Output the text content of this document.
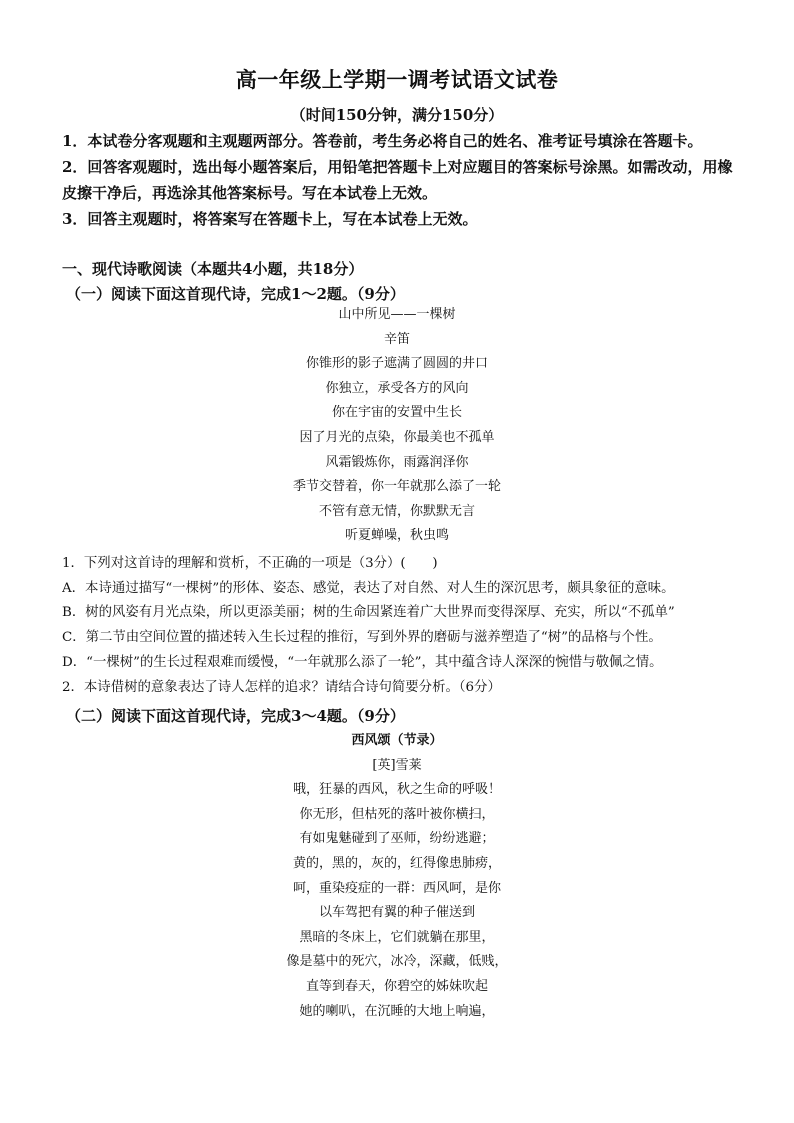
高一年级上学期一调考试语文试卷
（时间150分钟，满分150分）

1．本试卷分客观题和主观题两部分。答卷前，考生务必将自己的姓名、准考证号填涂在答题卡。

2．回答客观题时，选出每小题答案后，用铅笔把答题卡上对应题目的答案标号涂黑。如需改动，用橡皮擦干净后，再选涂其他答案标号。写在本试卷上无效。

3．回答主观题时，将答案写在答题卡上，写在本试卷上无效。

一、现代诗歌阅读（本题共4小题，共18分）
（一）阅读下面这首现代诗，完成1～2题。（9分）

山中所见——一棵树

辛笛

你锥形的影子遮满了圆圆的井口

你独立，承受各方的风向

你在宇宙的安置中生长

因了月光的点染，你最美也不孤单

风霜锻炼你，雨露润泽你

季节交替着，你一年就那么添了一轮

不管有意无情，你默默无言

听夏蝉噪，秋虫鸣

1．下列对这首诗的理解和赏析，不正确的一项是（3分）(　　)

A．本诗通过描写“一棵树”的形体、姿态、感觉，表达了对自然、对人生的深沉思考，颇具象征的意味。

B．树的风姿有月光点染，所以更添美丽；树的生命因紧连着广大世界而变得深厚、充实，所以“不孤单”

C．第二节由空间位置的描述转入生长过程的推衍，写到外界的磨砺与滋养塑造了“树”的品格与个性。

D．“一棵树”的生长过程艰难而缓慢，“一年就那么添了一轮”，其中蕴含诗人深深的惋惜与敬佩之情。

2．本诗借树的意象表达了诗人怎样的追求？请结合诗句简要分析。（6分）

（二）阅读下面这首现代诗，完成3～4题。（9分）

西风颂（节录）

[英]雪莱

哦，狂暴的西风，秋之生命的呼吸！

你无形，但枯死的落叶被你横扫，

有如鬼魅碰到了巫师，纷纷逃避；

黄的，黑的，灰的，红得像患肺痨，

呵，重染疫症的一群：西风呵，是你

以车驾把有翼的种子催送到

黑暗的冬床上，它们就躺在那里，

像是墓中的死穴，冰冷，深藏，低贱，

直等到春天，你碧空的姊妹吹起

她的喇叭，在沉睡的大地上响遍，
